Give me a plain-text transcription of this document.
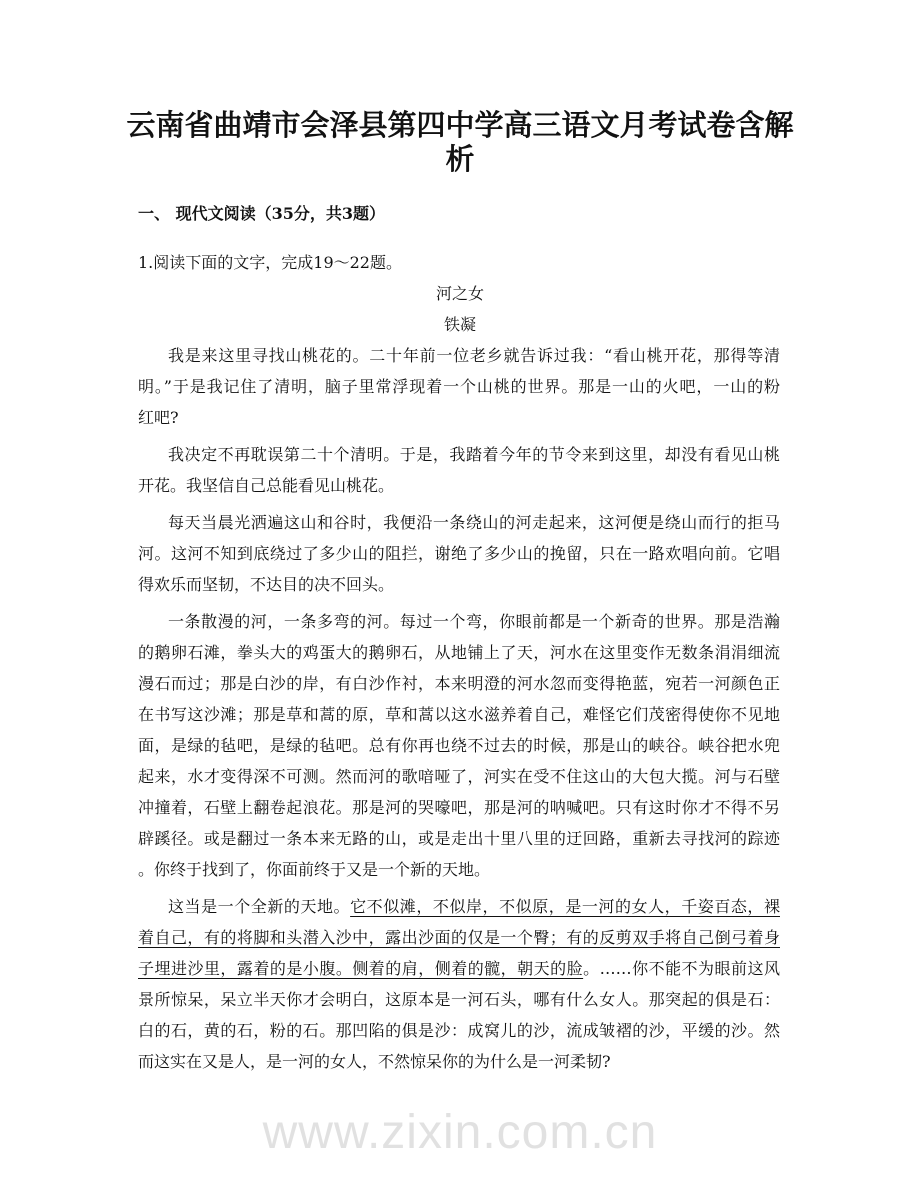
云南省曲靖市会泽县第四中学高三语文月考试卷含解
析
一、 现代文阅读（35分，共3题）
1.阅读下面的文字，完成19～22题。
河之女
铁凝
我是来这里寻找山桃花的。二十年前一位老乡就告诉过我：“看山桃开花，那得等清
明。”于是我记住了清明，脑子里常浮现着一个山桃的世界。那是一山的火吧，一山的粉
红吧?
我决定不再耽误第二十个清明。于是，我踏着今年的节令来到这里，却没有看见山桃
开花。我坚信自己总能看见山桃花。
每天当晨光洒遍这山和谷时，我便沿一条绕山的河走起来，这河便是绕山而行的拒马
河。这河不知到底绕过了多少山的阻拦，谢绝了多少山的挽留，只在一路欢唱向前。它唱
得欢乐而坚韧，不达目的决不回头。
一条散漫的河，一条多弯的河。每过一个弯，你眼前都是一个新奇的世界。那是浩瀚
的鹅卵石滩，拳头大的鸡蛋大的鹅卵石，从地铺上了天，河水在这里变作无数条涓涓细流
漫石而过；那是白沙的岸，有白沙作衬，本来明澄的河水忽而变得艳蓝，宛若一河颜色正
在书写这沙滩；那是草和蒿的原，草和蒿以这水滋养着自己，难怪它们茂密得使你不见地
面，是绿的毡吧，是绿的毡吧。总有你再也绕不过去的时候，那是山的峡谷。峡谷把水兜
起来，水才变得深不可测。然而河的歌喑哑了，河实在受不住这山的大包大揽。河与石壁
冲撞着，石壁上翻卷起浪花。那是河的哭嚎吧，那是河的呐喊吧。只有这时你才不得不另
辟蹊径。或是翻过一条本来无路的山，或是走出十里八里的迂回路，重新去寻找河的踪迹
。你终于找到了，你面前终于又是一个新的天地。
这当是一个全新的天地。它不似滩，不似岸，不似原，是一河的女人，千姿百态，裸
着自己，有的将脚和头潜入沙中，露出沙面的仅是一个臀；有的反剪双手将自己倒弓着身
子埋进沙里，露着的是小腹。侧着的肩，侧着的髋，朝天的脸。……你不能不为眼前这风
景所惊呆，呆立半天你才会明白，这原本是一河石头，哪有什么女人。那突起的俱是石：
白的石，黄的石，粉的石。那凹陷的俱是沙：成窝儿的沙，流成皱褶的沙，平缓的沙。然
而这实在又是人，是一河的女人，不然惊呆你的为什么是一河柔韧?
www.zixin.com.cn
